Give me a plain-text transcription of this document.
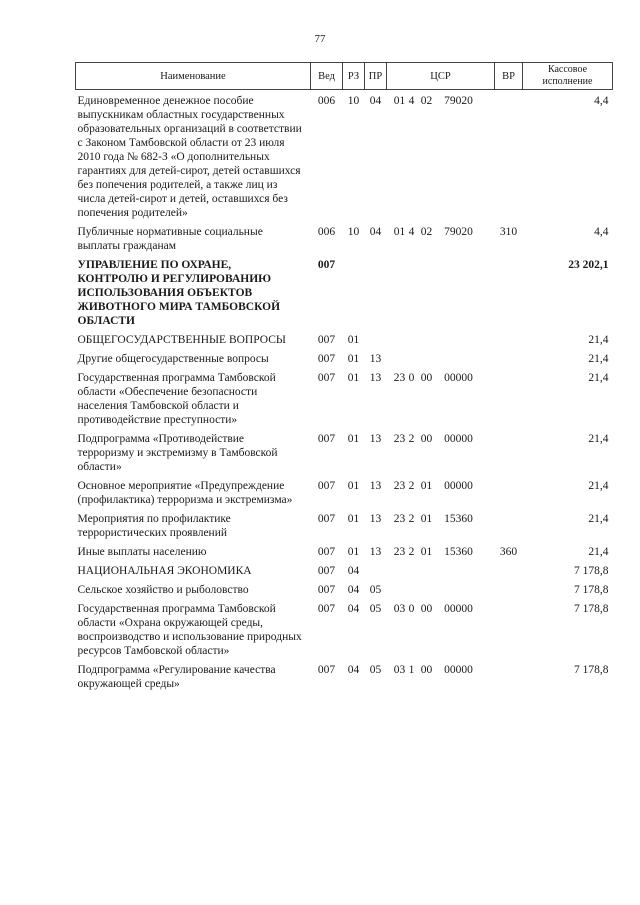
77
Наименование	Вед	РЗ	ПР	ЦСР	ВР	Кассовое исполнение
Единовременное денежное пособие выпускникам областных государственных образовательных организаций в соответствии с Законом Тамбовской области от 23 июля 2010 года № 682-З «О дополнительных гарантиях для детей-сирот, детей оставшихся без попечения родителей, а также лиц из числа детей-сирот и детей, оставшихся без попечения родителей»	006	10	04	01 4 02 79020		4,4
Публичные нормативные социальные выплаты гражданам	006	10	04	01 4 02 79020	310	4,4
УПРАВЛЕНИЕ ПО ОХРАНЕ, КОНТРОЛЮ И РЕГУЛИРОВАНИЮ ИСПОЛЬЗОВАНИЯ ОБЪЕКТОВ ЖИВОТНОГО МИРА ТАМБОВСКОЙ ОБЛАСТИ	007					23 202,1
ОБЩЕГОСУДАРСТВЕННЫЕ ВОПРОСЫ	007	01				21,4
Другие общегосударственные вопросы	007	01	13			21,4
Государственная программа Тамбовской области «Обеспечение безопасности населения Тамбовской области и противодействие преступности»	007	01	13	23 0 00 00000		21,4
Подпрограмма «Противодействие терроризму и экстремизму в Тамбовской области»	007	01	13	23 2 00 00000		21,4
Основное мероприятие «Предупреждение (профилактика) терроризма и экстремизма»	007	01	13	23 2 01 00000		21,4
Мероприятия по профилактике террористических проявлений	007	01	13	23 2 01 15360		21,4
Иные выплаты населению	007	01	13	23 2 01 15360	360	21,4
НАЦИОНАЛЬНАЯ ЭКОНОМИКА	007	04				7 178,8
Сельское хозяйство и рыболовство	007	04	05			7 178,8
Государственная программа Тамбовской области «Охрана окружающей среды, воспроизводство и использование природных ресурсов Тамбовской области»	007	04	05	03 0 00 00000		7 178,8
Подпрограмма «Регулирование качества окружающей среды»	007	04	05	03 1 00 00000		7 178,8
